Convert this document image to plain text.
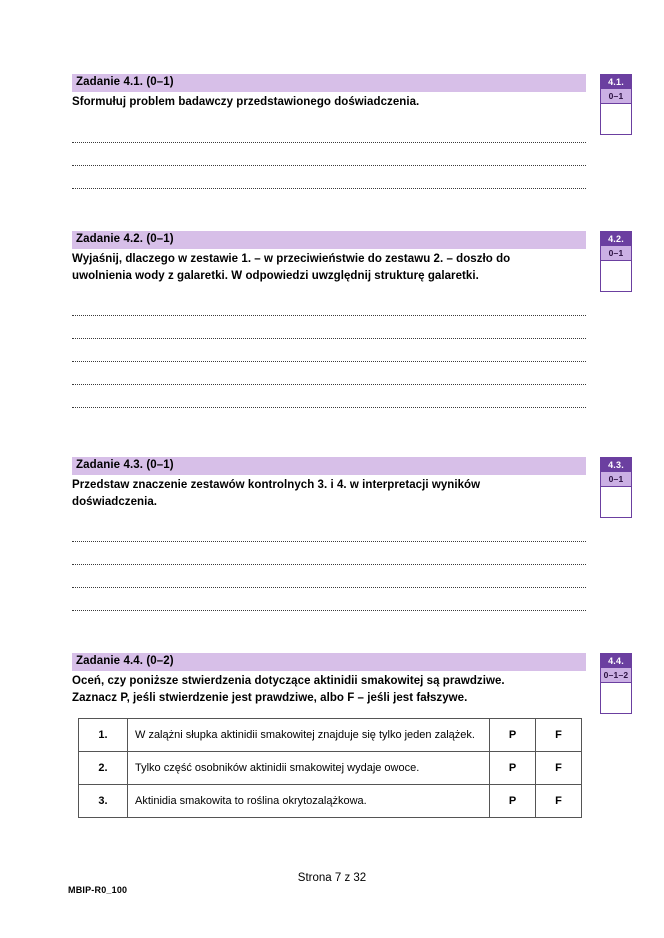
Zadanie 4.1. (0–1)
Sformułuj problem badawczy przedstawionego doświadczenia.
4.1.
0–1
Zadanie 4.2. (0–1)
Wyjaśnij, dlaczego w zestawie 1. – w przeciwieństwie do zestawu 2. – doszło do
uwolnienia wody z galaretki. W odpowiedzi uwzględnij strukturę galaretki.
4.2.
0–1
Zadanie 4.3. (0–1)
Przedstaw znaczenie zestawów kontrolnych 3. i 4. w interpretacji wyników
doświadczenia.
4.3.
0–1
Zadanie 4.4. (0–2)
Oceń, czy poniższe stwierdzenia dotyczące aktinidii smakowitej są prawdziwe.
Zaznacz P, jeśli stwierdzenie jest prawdziwe, albo F – jeśli jest fałszywe.
4.4.
0–1–2
1.	W zalążni słupka aktinidii smakowitej znajduje się tylko jeden zalążek.	P	F
2.	Tylko część osobników aktinidii smakowitej wydaje owoce.	P	F
3.	Aktinidia smakowita to roślina okrytozalążkowa.	P	F
Strona 7 z 32
MBIP-R0_100
